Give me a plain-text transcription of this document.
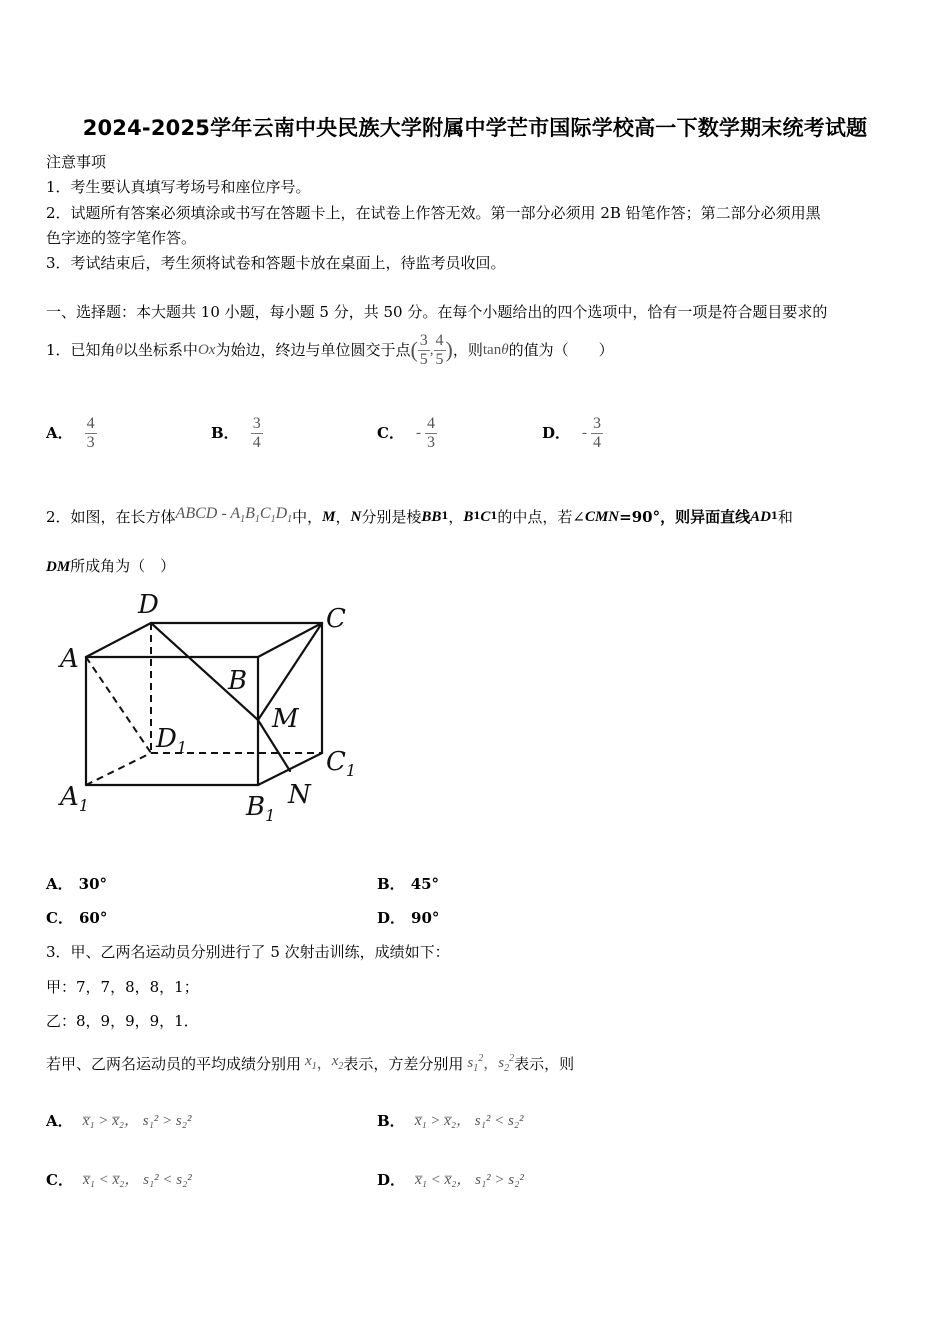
2024-2025学年云南中央民族大学附属中学芒市国际学校高一下数学期末统考试题
注意事项
1．考生要认真填写考场号和座位序号。
2．试题所有答案必须填涂或书写在答题卡上，在试卷上作答无效。第一部分必须用 2B 铅笔作答；第二部分必须用黑
色字迹的签字笔作答。
3．考试结束后，考生须将试卷和答题卡放在桌面上，待监考员收回。
一、选择题：本大题共 10 小题，每小题 5 分，共 50 分。在每个小题给出的四个选项中，恰有一项是符合题目要求的
1．已知角 θ 以坐标系中 Ox 为始边，终边与单位圆交于点 ( $\frac{3}{5}$ , $\frac{4}{5}$ ) ，则 tan θ 的值为（　　）
A． $\frac{4}{3}$	B． $\frac{3}{4}$	C． - $\frac{4}{3}$	D． - $\frac{3}{4}$
2．如图，在长方体 ABCD - $A_1B_1C_1D_1$ 中， M ， N 分别是棱 BB 1 ， B 1 C 1 的中点，若∠ CMN =90°，则异面直线 AD 1 和
DM所成角为（　）
D	C
A
B
M
$D_1$	$C_1$
$A_1$	$B_1$
N
A． 30°	B． 45°
C． 60°	D． 90°
3．甲、乙两名运动员分别进行了 5 次射击训练，成绩如下：
甲：7，7，8，8，1；
乙：8，9，9，9，1．
若甲、乙两名运动员的平均成绩分别用 $x_1$ ， $x_2$ 表示，方差分别用 $s_1^2$ ， $s_2^2$ 表示，则
A． x̅₁ > x̅₂， s₁² > s₂²	B． x̅₁ > x̅₂， s₁² < s₂²
C． x̅₁ < x̅₂， s₁² < s₂²	D． x̅₁ < x̅₂， s₁² > s₂²
